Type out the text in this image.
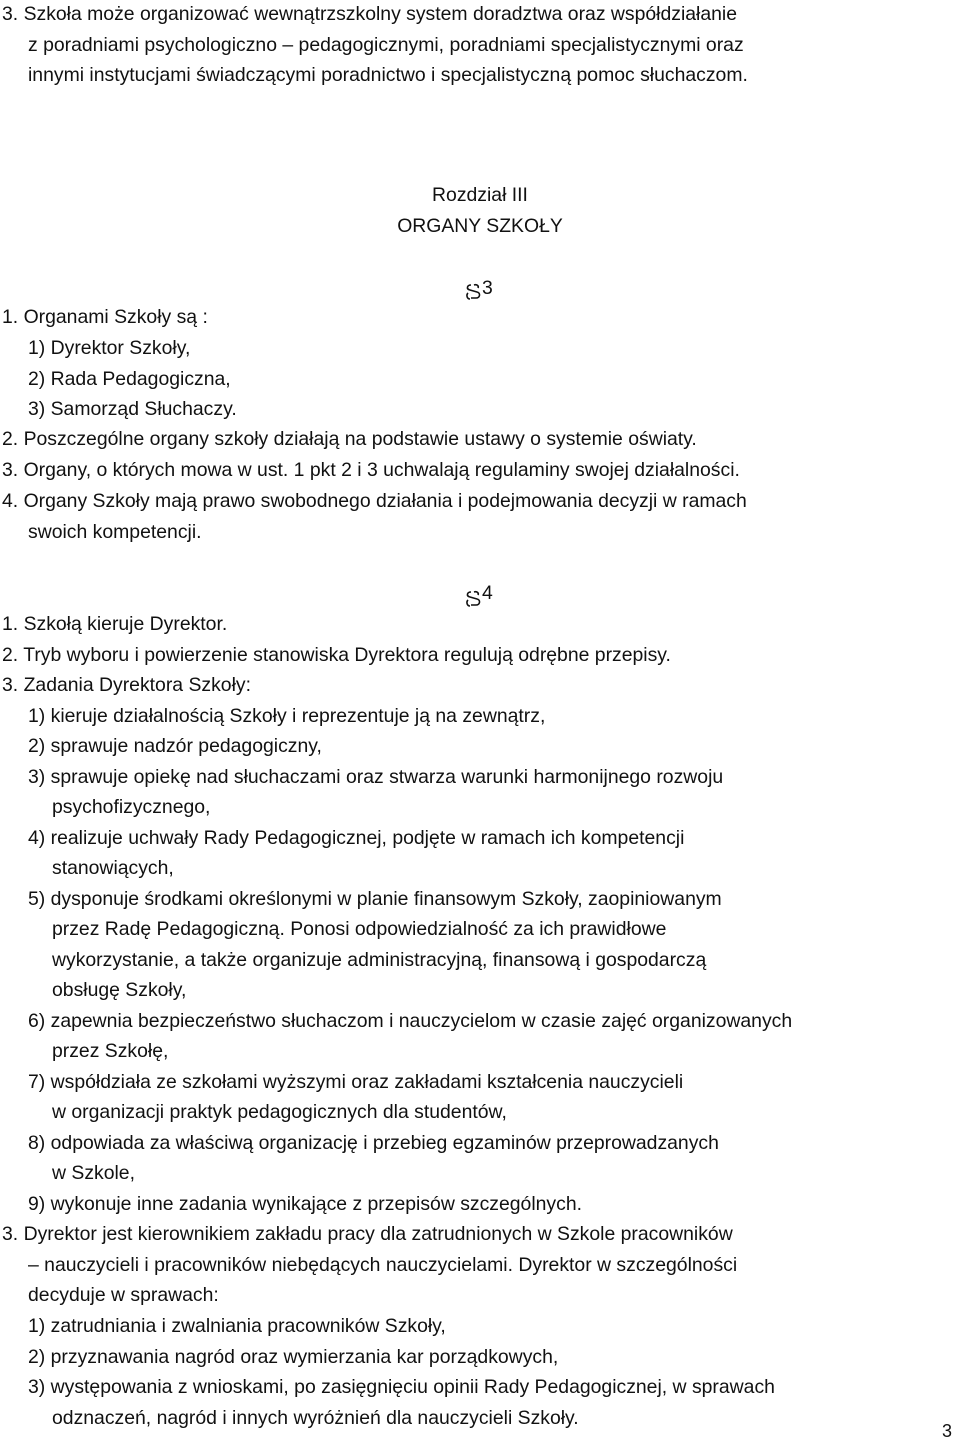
3. Szkoła może organizować wewnątrzszkolny system doradztwa oraz współdziałanie
z poradniami psychologiczno – pedagogicznymi, poradniami specjalistycznymi oraz
innymi instytucjami świadczącymi poradnictwo i specjalistyczną pomoc słuchaczom.
Rozdział III
ORGANY SZKOŁY
3
1. Organami Szkoły są :
1) Dyrektor Szkoły,
2) Rada Pedagogiczna,
3) Samorząd Słuchaczy.
2. Poszczególne organy szkoły działają na podstawie ustawy o systemie oświaty.
3. Organy, o których mowa w ust. 1 pkt 2 i 3 uchwalają regulaminy swojej działalności.
4. Organy Szkoły mają prawo swobodnego działania i podejmowania decyzji w ramach
swoich kompetencji.
4
1. Szkołą kieruje Dyrektor.
2. Tryb wyboru i powierzenie stanowiska Dyrektora regulują odrębne przepisy.
3. Zadania Dyrektora Szkoły:
1) kieruje działalnością Szkoły i reprezentuje ją na zewnątrz,
2) sprawuje nadzór pedagogiczny,
3) sprawuje opiekę nad słuchaczami oraz stwarza warunki harmonijnego rozwoju
psychofizycznego,
4) realizuje uchwały Rady Pedagogicznej, podjęte w ramach ich kompetencji
stanowiących,
5) dysponuje środkami określonymi w planie finansowym Szkoły, zaopiniowanym
przez Radę Pedagogiczną. Ponosi odpowiedzialność za ich prawidłowe
wykorzystanie, a także organizuje administracyjną, finansową i gospodarczą
obsługę Szkoły,
6) zapewnia bezpieczeństwo słuchaczom i nauczycielom w czasie zajęć organizowanych
przez Szkołę,
7) współdziała ze szkołami wyższymi oraz zakładami kształcenia nauczycieli
w organizacji praktyk pedagogicznych dla studentów,
8) odpowiada za właściwą organizację i przebieg egzaminów przeprowadzanych
w Szkole,
9) wykonuje inne zadania wynikające z przepisów szczególnych.
3. Dyrektor jest kierownikiem zakładu pracy dla zatrudnionych w Szkole pracowników
– nauczycieli i pracowników niebędących nauczycielami. Dyrektor w szczególności
decyduje w sprawach:
1) zatrudniania i zwalniania pracowników Szkoły,
2) przyznawania nagród oraz wymierzania kar porządkowych,
3) występowania z wnioskami, po zasięgnięciu opinii Rady Pedagogicznej, w sprawach
odznaczeń, nagród i innych wyróżnień dla nauczycieli Szkoły.
3
